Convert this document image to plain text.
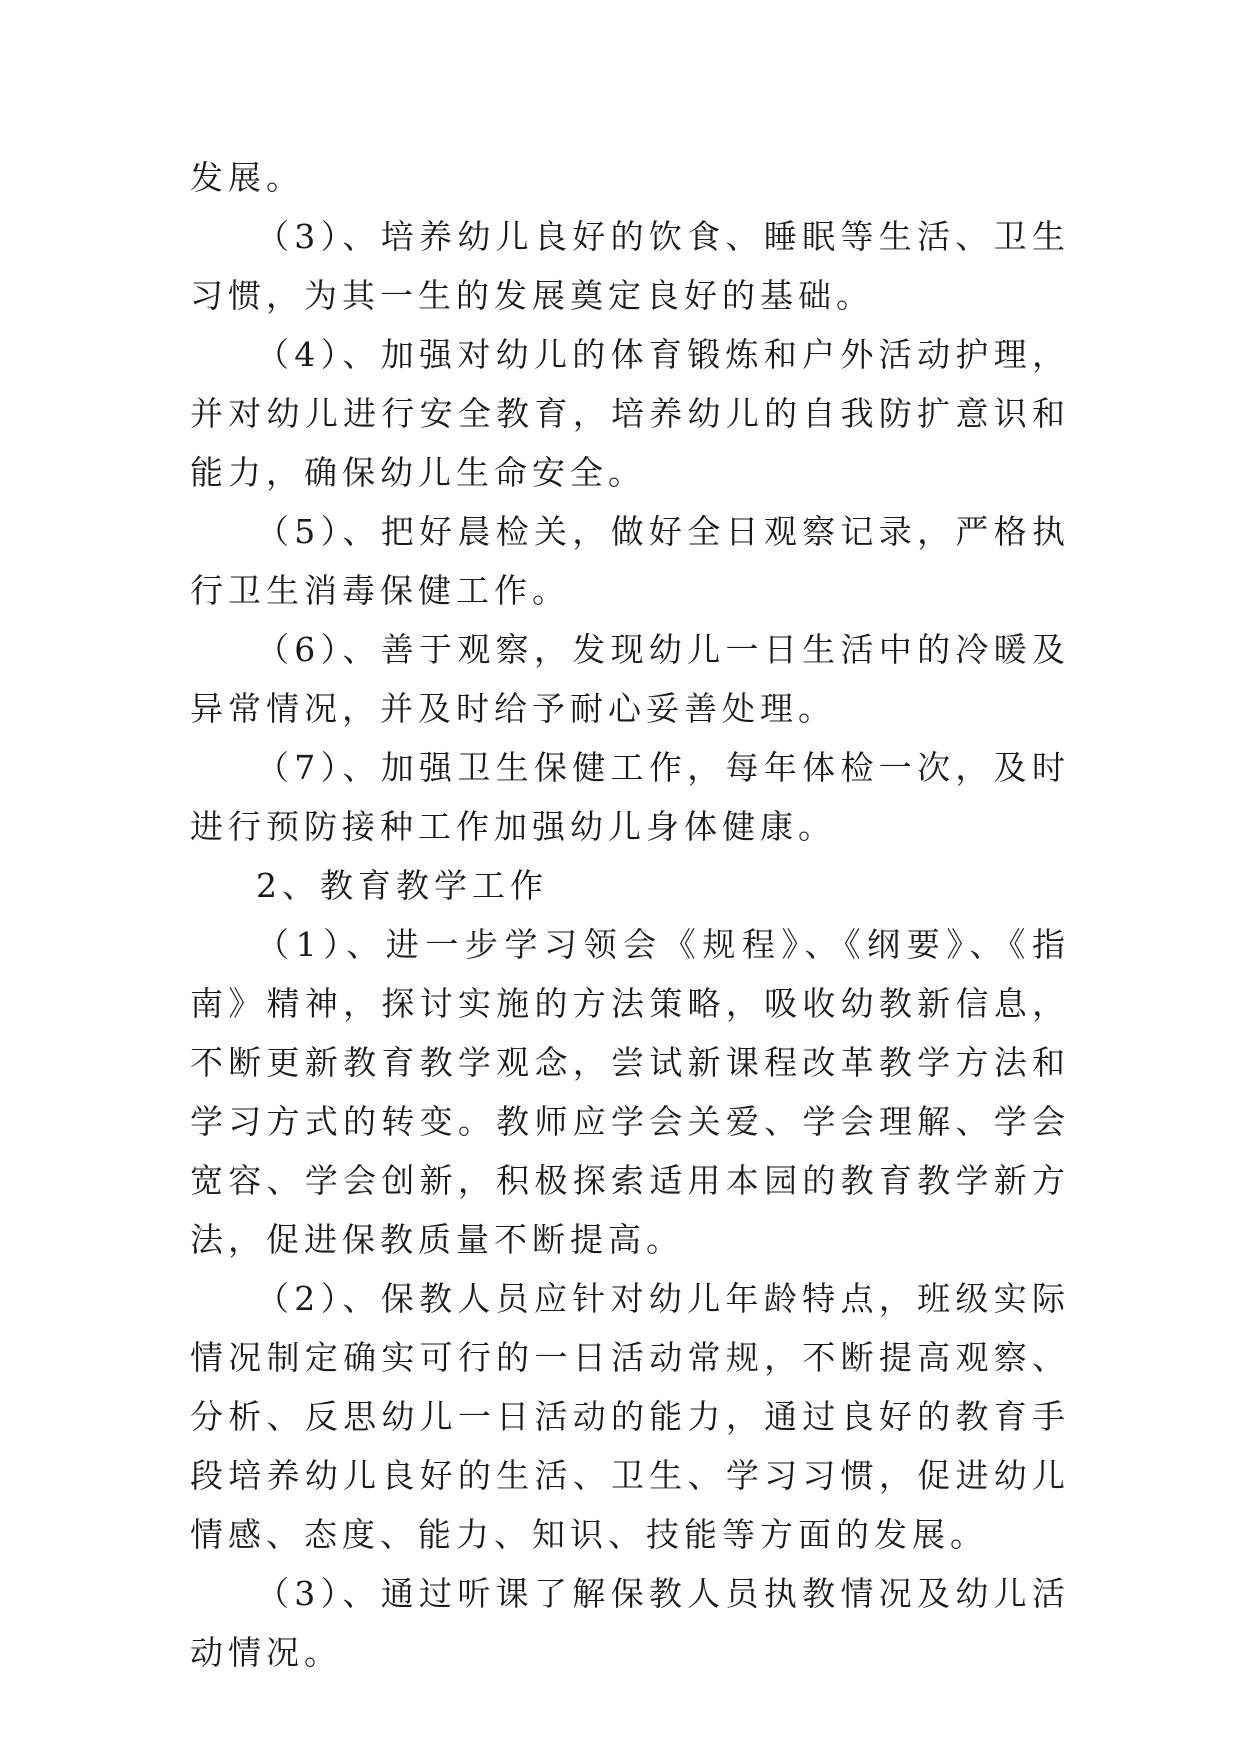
发展。

（3）、培养幼儿良好的饮食、睡眠等生活、卫生习惯，为其一生的发展奠定良好的基础。

（4）、加强对幼儿的体育锻炼和户外活动护理，并对幼儿进行安全教育，培养幼儿的自我防扩意识和能力，确保幼儿生命安全。

（5）、把好晨检关，做好全日观察记录，严格执行卫生消毒保健工作。

（6）、善于观察，发现幼儿一日生活中的冷暖及异常情况，并及时给予耐心妥善处理。

（7）、加强卫生保健工作，每年体检一次，及时进行预防接种工作加强幼儿身体健康。

2、教育教学工作

（1）、进一步学习领会《规程》、《纲要》、《指南》精神，探讨实施的方法策略，吸收幼教新信息，不断更新教育教学观念，尝试新课程改革教学方法和学习方式的转变。教师应学会关爱、学会理解、学会宽容、学会创新，积极探索适用本园的教育教学新方法，促进保教质量不断提高。

（2）、保教人员应针对幼儿年龄特点，班级实际情况制定确实可行的一日活动常规，不断提高观察、分析、反思幼儿一日活动的能力，通过良好的教育手段培养幼儿良好的生活、卫生、学习习惯，促进幼儿情感、态度、能力、知识、技能等方面的发展。

（3）、通过听课了解保教人员执教情况及幼儿活动情况。
